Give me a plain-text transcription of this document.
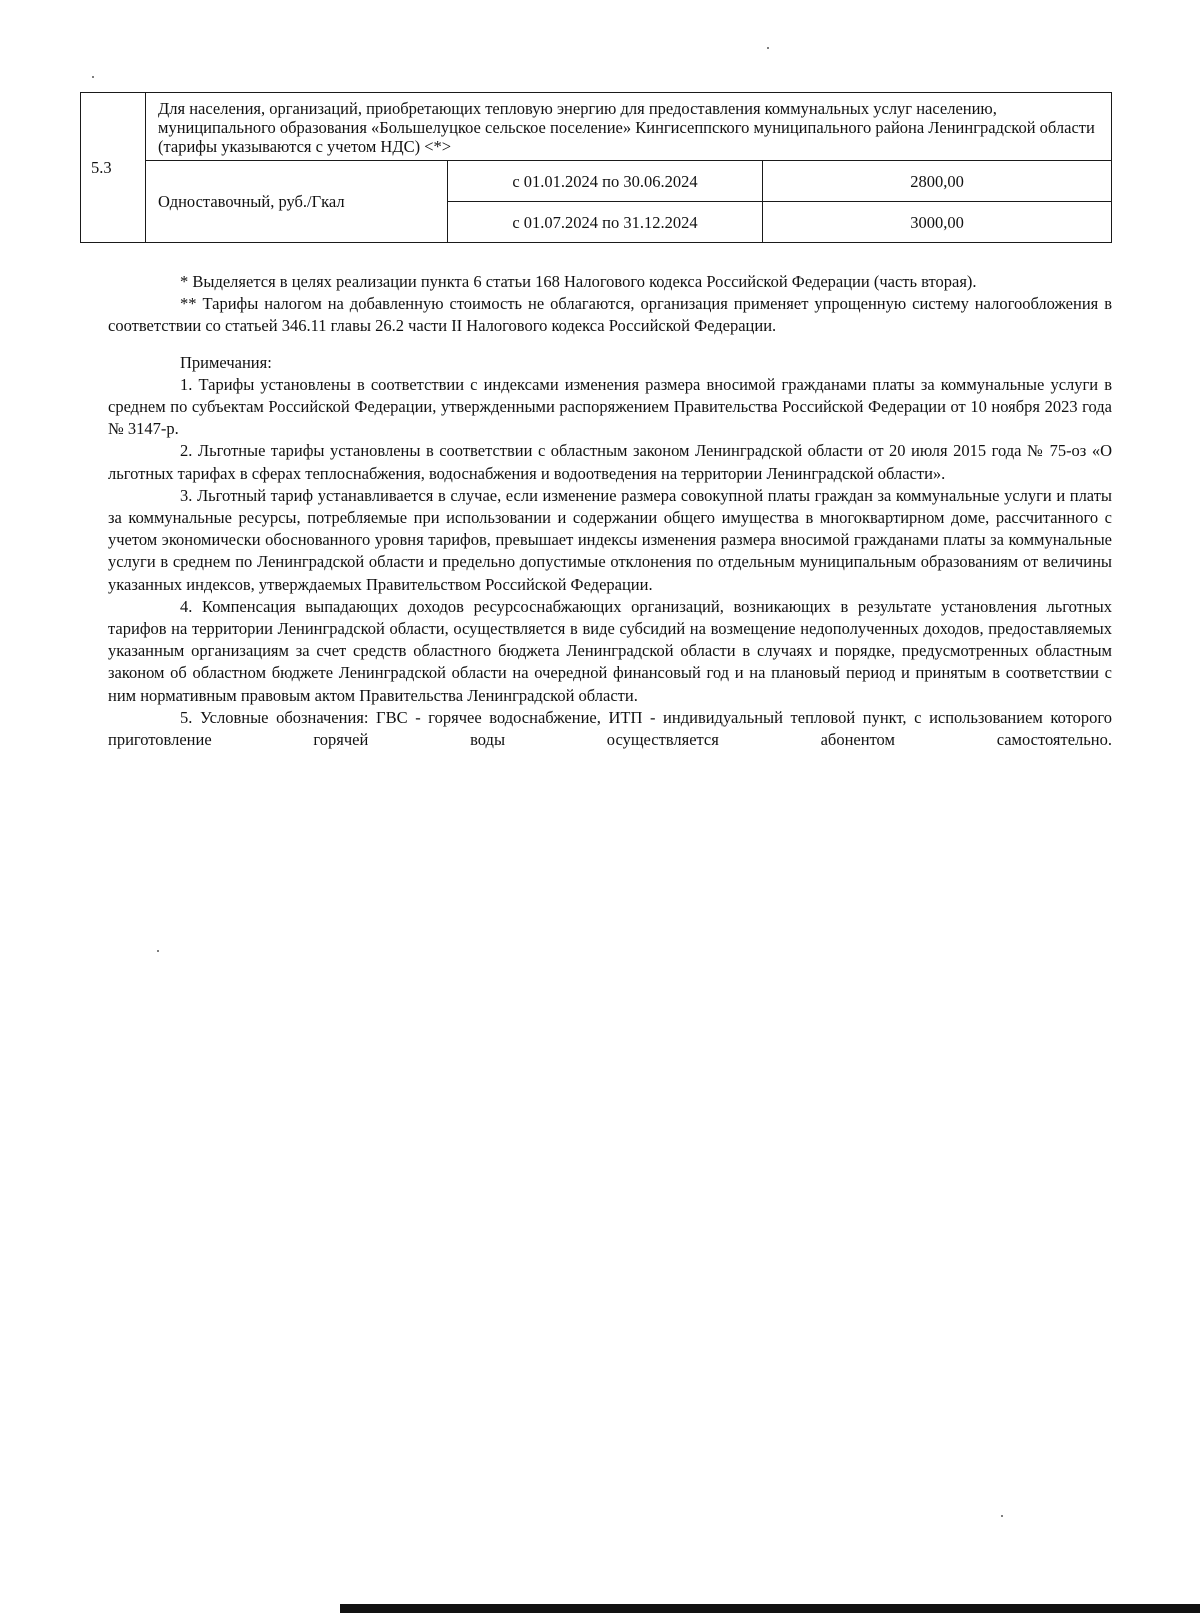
5.3	Для населения, организаций, приобретающих тепловую энергию для предоставления коммунальных услуг населению, муниципального образования «Большелуцкое сельское поселение» Кингисеппского муниципального района Ленинградской области (тарифы указываются с учетом НДС) <*>		
	Одноставочный, руб./Гкал	с 01.01.2024 по 30.06.2024	2800,00
		с 01.07.2024 по 31.12.2024	3000,00

* Выделяется в целях реализации пункта 6 статьи 168 Налогового кодекса Российской Федерации (часть вторая).

** Тарифы налогом на добавленную стоимость не облагаются, организация применяет упрощенную систему налогообложения в соответствии со статьей 346.11 главы 26.2 части II Налогового кодекса Российской Федерации.

Примечания:

1. Тарифы установлены в соответствии с индексами изменения размера вносимой гражданами платы за коммунальные услуги в среднем по субъектам Российской Федерации, утвержденными распоряжением Правительства Российской Федерации от 10 ноября 2023 года № 3147-р.

2. Льготные тарифы установлены в соответствии с областным законом Ленинградской области от 20 июля 2015 года № 75-оз «О льготных тарифах в сферах теплоснабжения, водоснабжения и водоотведения на территории Ленинградской области».

3. Льготный тариф устанавливается в случае, если изменение размера совокупной платы граждан за коммунальные услуги и платы за коммунальные ресурсы, потребляемые при использовании и содержании общего имущества в многоквартирном доме, рассчитанного с учетом экономически обоснованного уровня тарифов, превышает индексы изменения размера вносимой гражданами платы за коммунальные услуги в среднем по Ленинградской области и предельно допустимые отклонения по отдельным муниципальным образованиям от величины указанных индексов, утверждаемых Правительством Российской Федерации.

4. Компенсация выпадающих доходов ресурсоснабжающих организаций, возникающих в результате установления льготных тарифов на территории Ленинградской области, осуществляется в виде субсидий на возмещение недополученных доходов, предоставляемых указанным организациям за счет средств областного бюджета Ленинградской области в случаях и порядке, предусмотренных областным законом об областном бюджете Ленинградской области на очередной финансовый год и на плановый период и принятым в соответствии с ним нормативным правовым актом Правительства Ленинградской области.

5. Условные обозначения: ГВС - горячее водоснабжение, ИТП - индивидуальный тепловой пункт, с использованием которого приготовление горячей воды осуществляется абонентом самостоятельно.
